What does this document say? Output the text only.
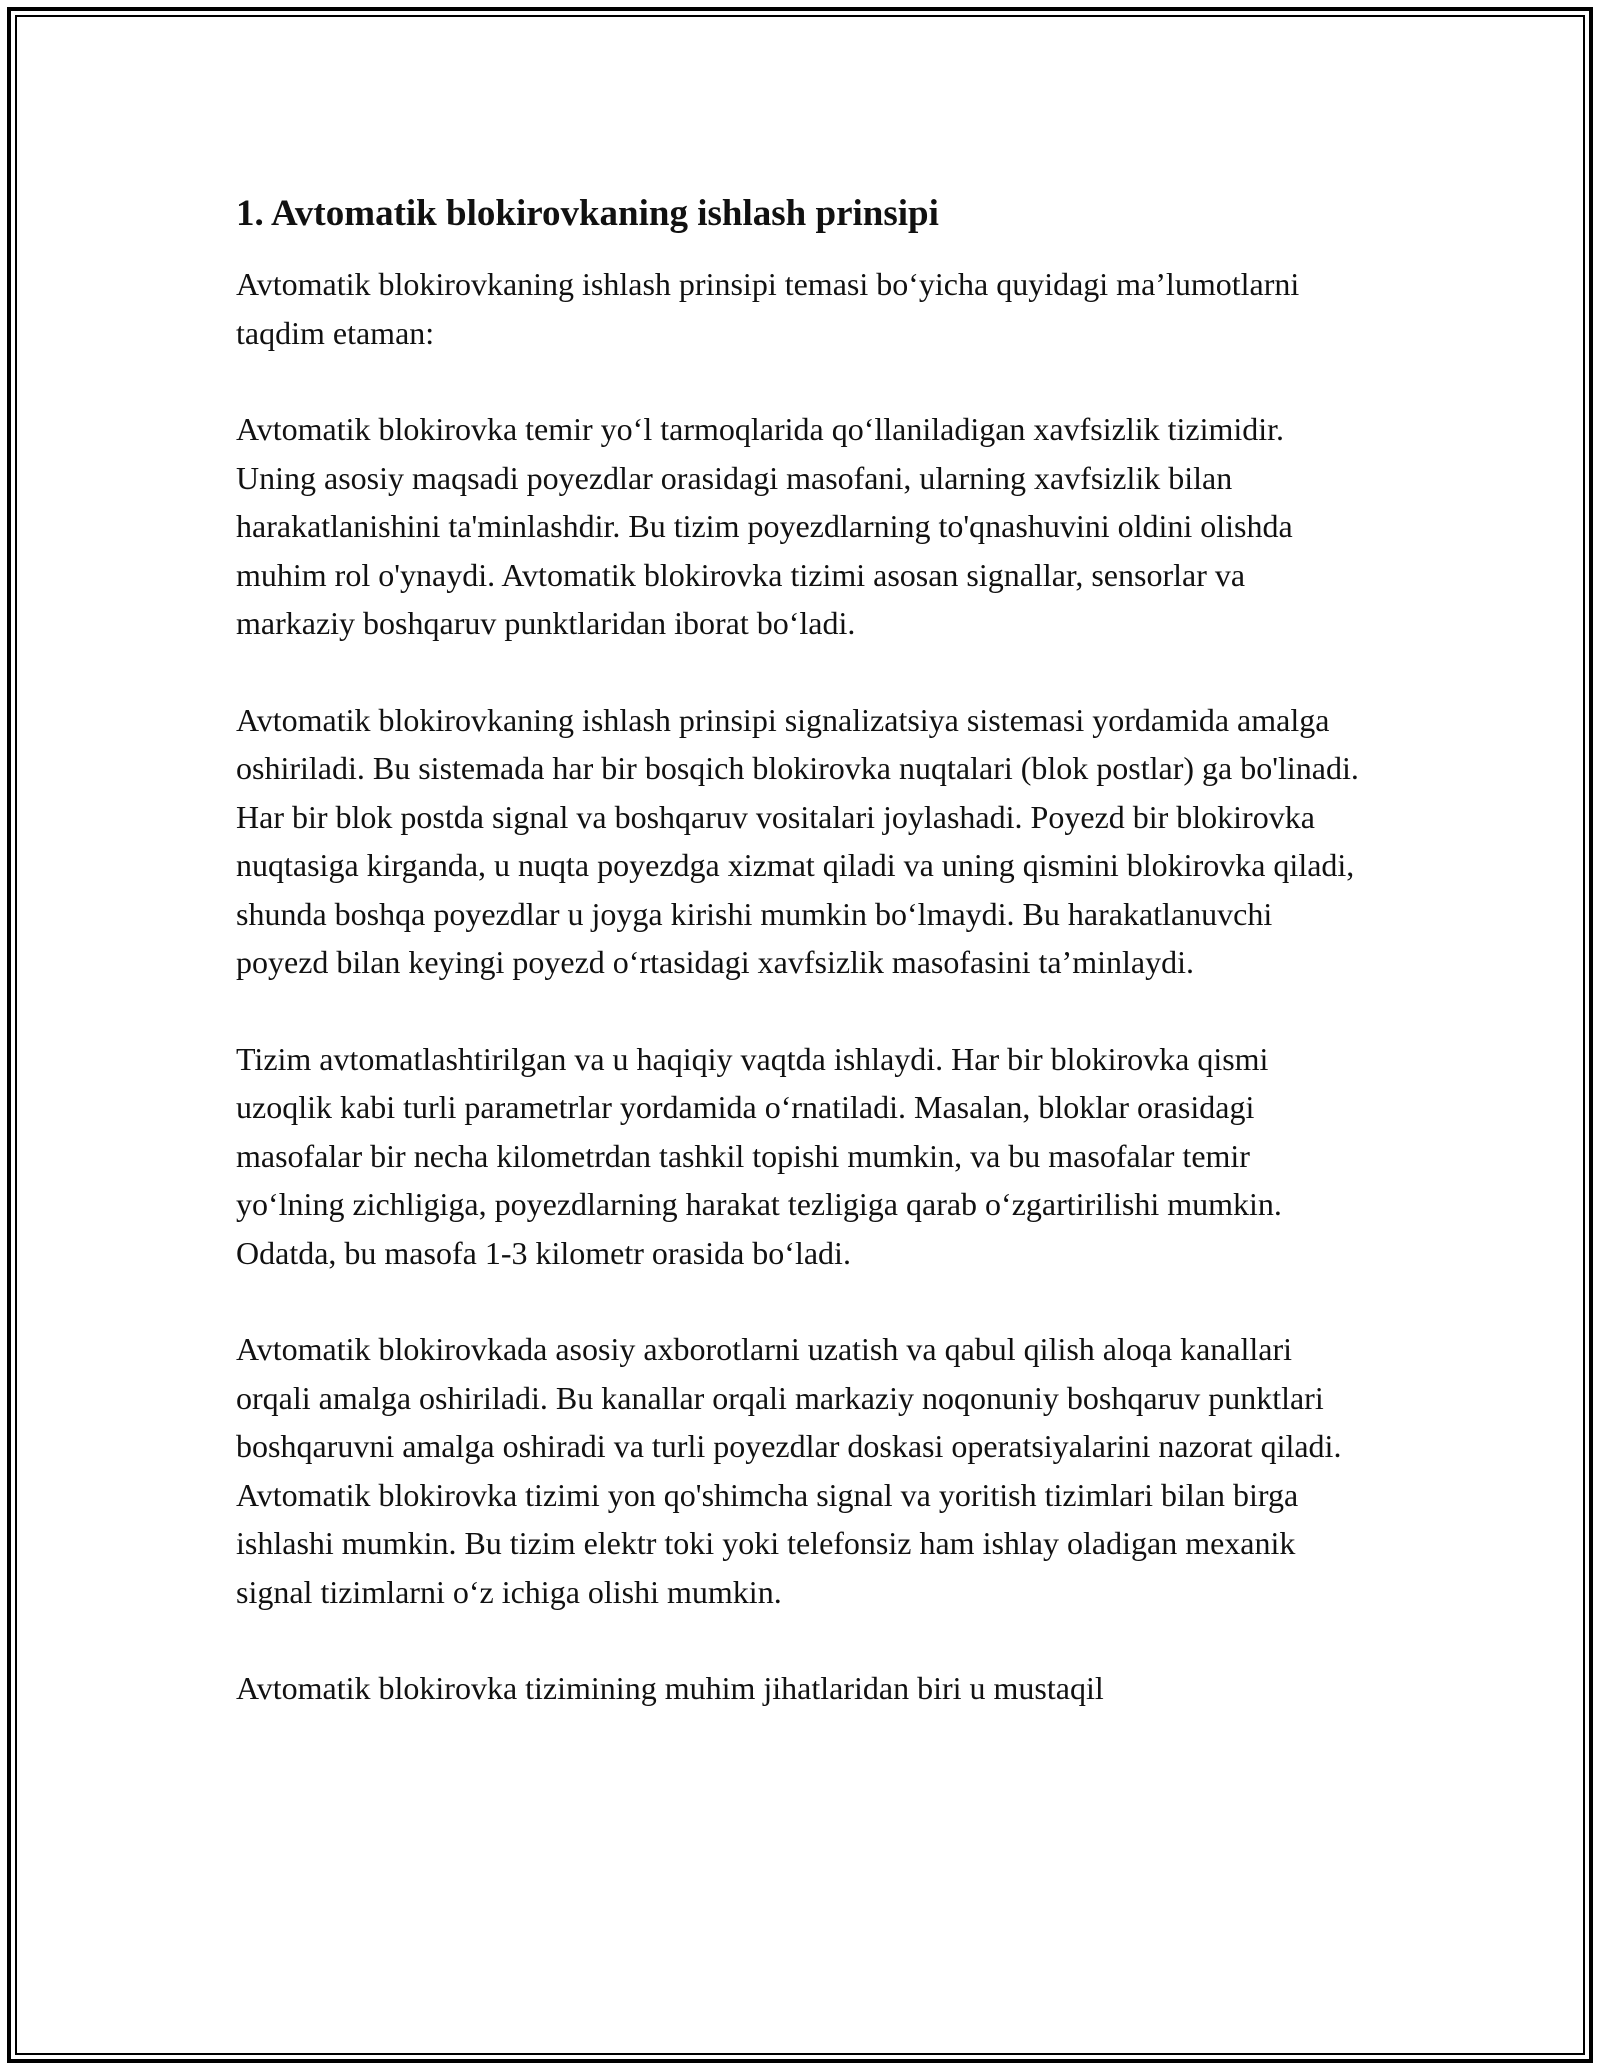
1. Avtomatik blokirovkaning ishlash prinsipi

Avtomatik blokirovkaning ishlash prinsipi temasi bo‘yicha quyidagi ma’lumotlarni taqdim etaman:

Avtomatik blokirovka temir yo‘l tarmoqlarida qo‘llaniladigan xavfsizlik tizimidir. Uning asosiy maqsadi poyezdlar orasidagi masofani, ularning xavfsizlik bilan harakatlanishini ta'minlashdir. Bu tizim poyezdlarning to'qnashuvini oldini olishda muhim rol o'ynaydi. Avtomatik blokirovka tizimi asosan signallar, sensorlar va markaziy boshqaruv punktlaridan iborat bo‘ladi.

Avtomatik blokirovkaning ishlash prinsipi signalizatsiya sistemasi yordamida amalga oshiriladi. Bu sistemada har bir bosqich blokirovka nuqtalari (blok postlar) ga bo'linadi. Har bir blok postda signal va boshqaruv vositalari joylashadi. Poyezd bir blokirovka nuqtasiga kirganda, u nuqta poyezdga xizmat qiladi va uning qismini blokirovka qiladi, shunda boshqa poyezdlar u joyga kirishi mumkin bo‘lmaydi. Bu harakatlanuvchi poyezd bilan keyingi poyezd o‘rtasidagi xavfsizlik masofasini ta’minlaydi.

Tizim avtomatlashtirilgan va u haqiqiy vaqtda ishlaydi. Har bir blokirovka qismi uzoqlik kabi turli parametrlar yordamida o‘rnatiladi. Masalan, bloklar orasidagi masofalar bir necha kilometrdan tashkil topishi mumkin, va bu masofalar temir yo‘lning zichligiga, poyezdlarning harakat tezligiga qarab o‘zgartirilishi mumkin. Odatda, bu masofa 1-3 kilometr orasida bo‘ladi.

Avtomatik blokirovkada asosiy axborotlarni uzatish va qabul qilish aloqa kanallari orqali amalga oshiriladi. Bu kanallar orqali markaziy noqonuniy boshqaruv punktlari boshqaruvni amalga oshiradi va turli poyezdlar doskasi operatsiyalarini nazorat qiladi. Avtomatik blokirovka tizimi yon qo'shimcha signal va yoritish tizimlari bilan birga ishlashi mumkin. Bu tizim elektr toki yoki telefonsiz ham ishlay oladigan mexanik signal tizimlarni o‘z ichiga olishi mumkin.

Avtomatik blokirovka tizimining muhim jihatlaridan biri u mustaqil
